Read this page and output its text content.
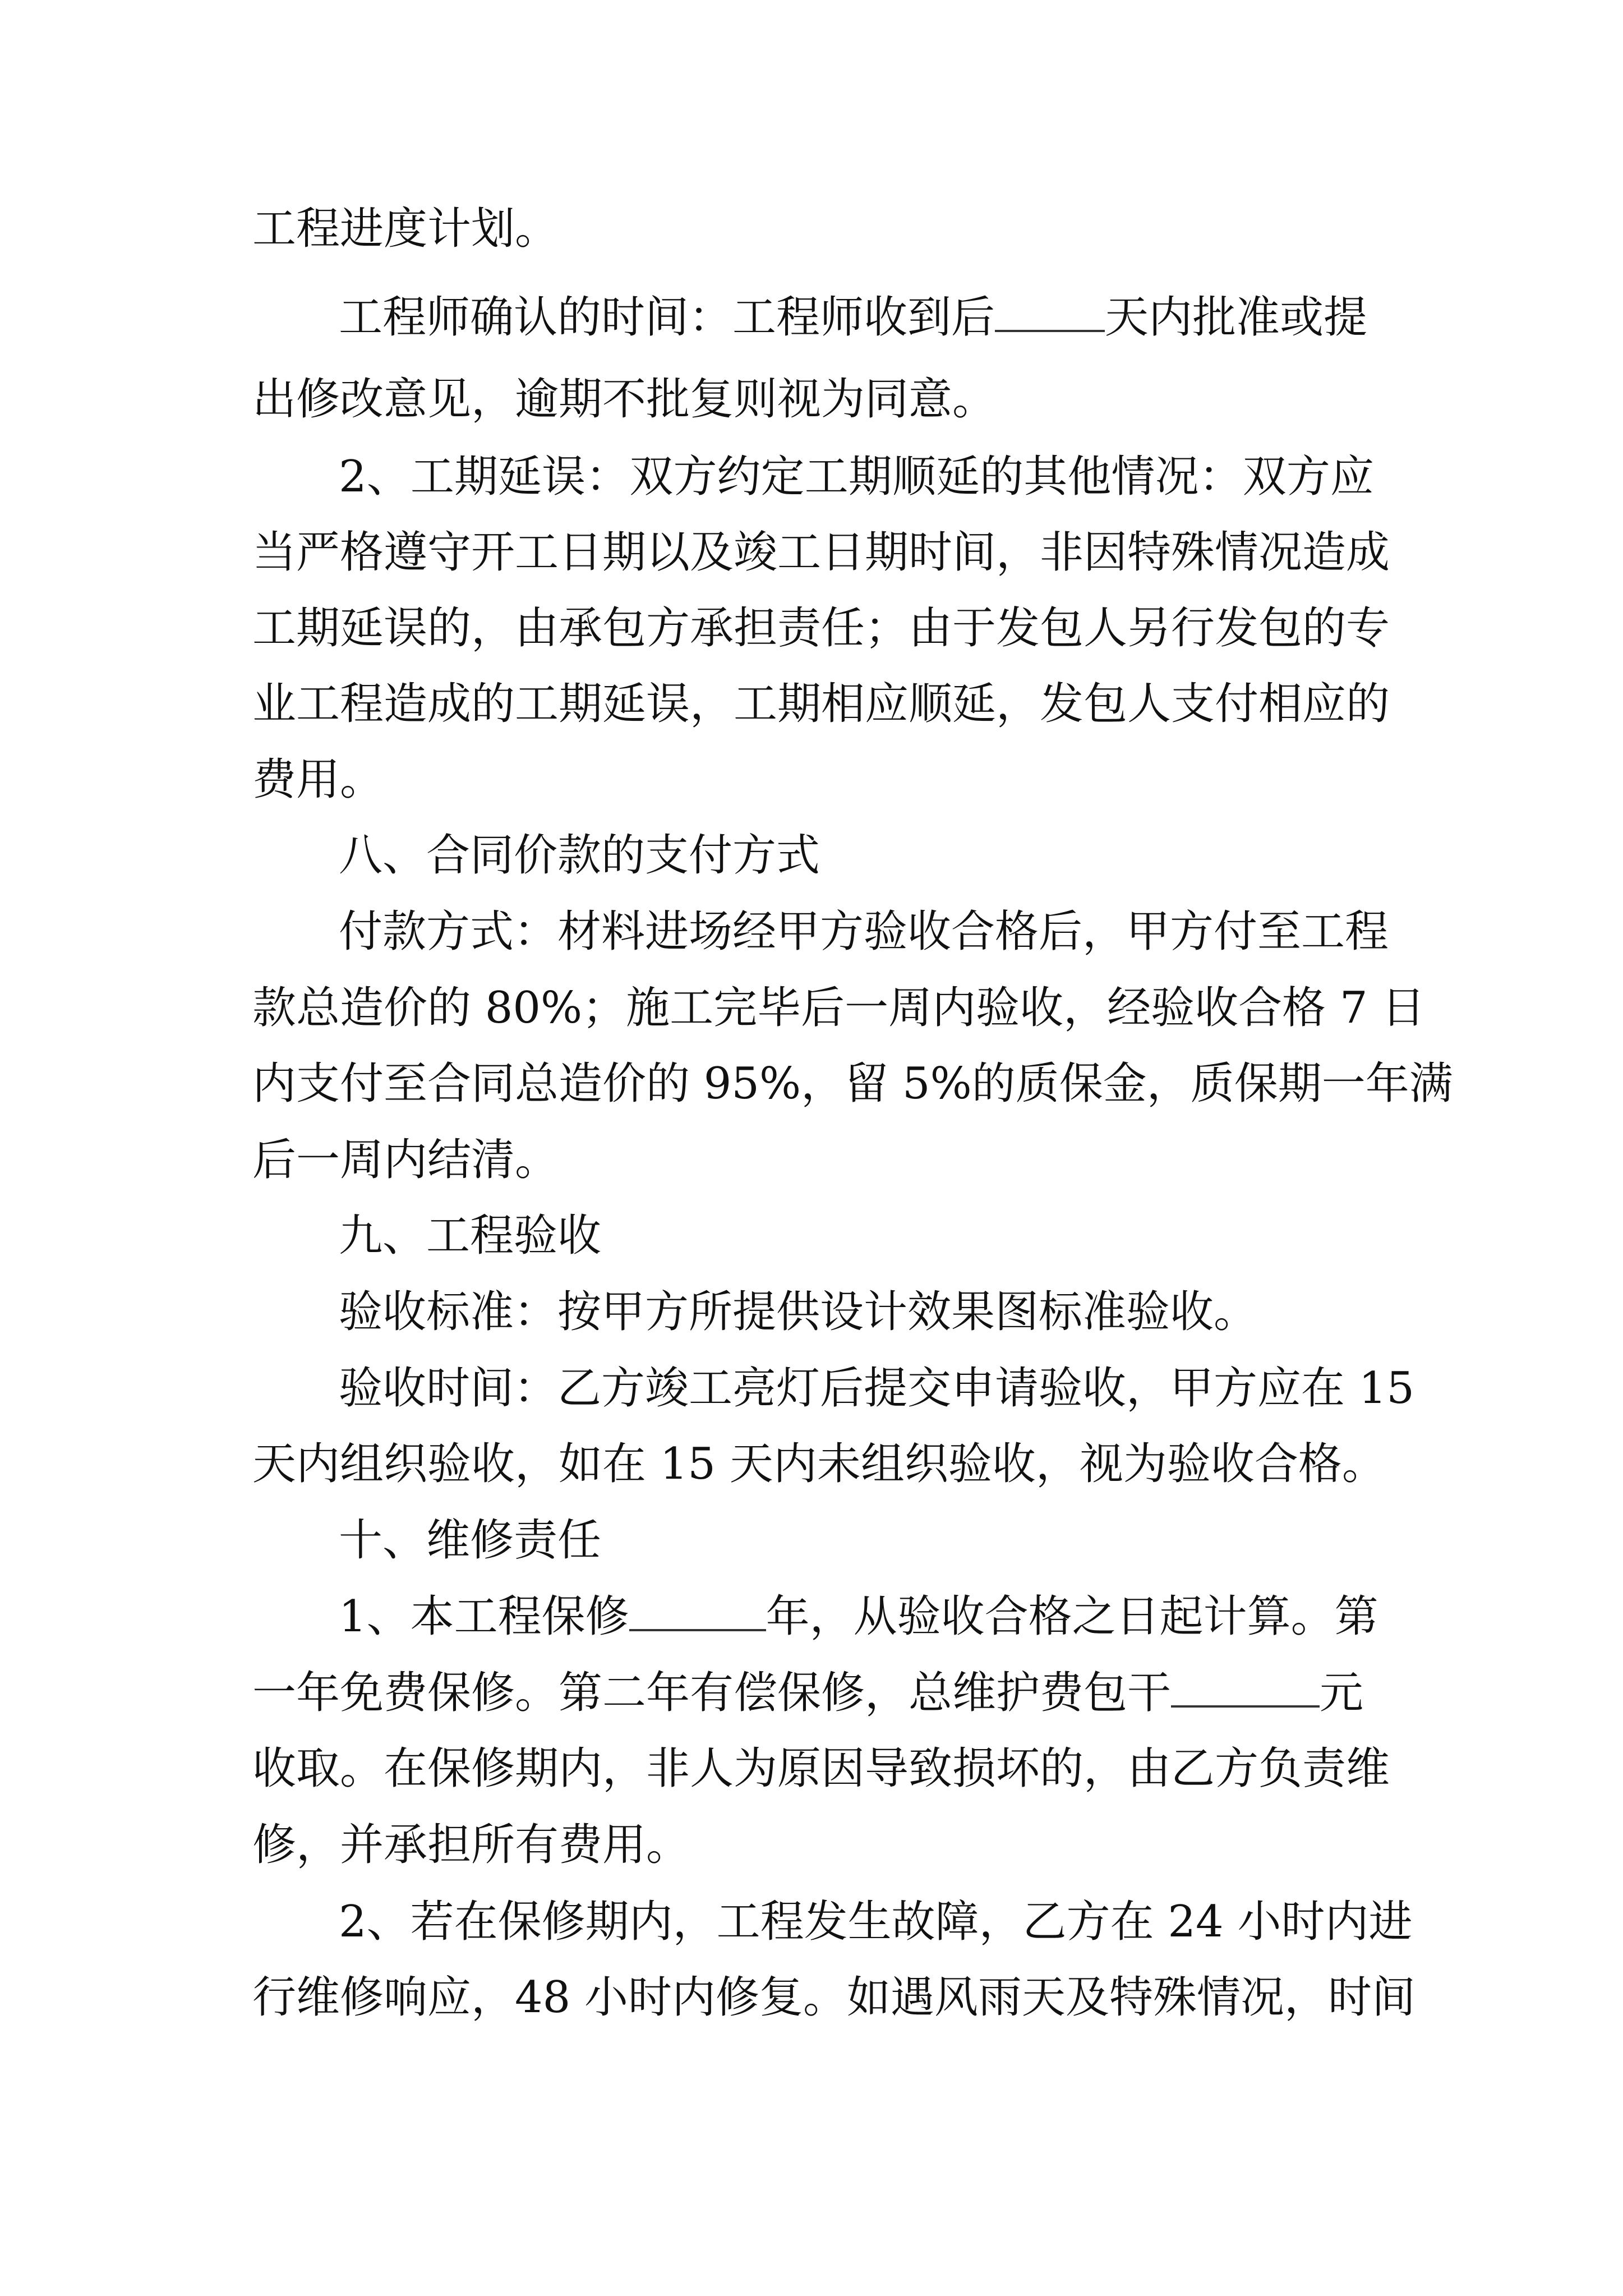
工程进度计划。
工程师确认的时间：工程师收到后	天内批准或提
出修改意见，逾期不批复则视为同意。
2、工期延误：双方约定工期顺延的其他情况：双方应
当严格遵守开工日期以及竣工日期时间，非因特殊情况造成
工期延误的，由承包方承担责任；由于发包人另行发包的专
业工程造成的工期延误，工期相应顺延，发包人支付相应的
费用。
八、合同价款的支付方式
付款方式：材料进场经甲方验收合格后，甲方付至工程
款总造价的 80%；施工完毕后一周内验收，经验收合格 7 日
内支付至合同总造价的 95%，留 5%的质保金，质保期一年满
后一周内结清。
九、工程验收
验收标准：按甲方所提供设计效果图标准验收。
验收时间：乙方竣工亮灯后提交申请验收，甲方应在 15
天内组织验收，如在 15 天内未组织验收，视为验收合格。
十、维修责任
1、本工程保修	年，从验收合格之日起计算。第
一年免费保修。第二年有偿保修，总维护费包干	元
收取。在保修期内，非人为原因导致损坏的，由乙方负责维
修，并承担所有费用。
2、若在保修期内，工程发生故障，乙方在 24 小时内进
行维修响应，48 小时内修复。如遇风雨天及特殊情况，时间
